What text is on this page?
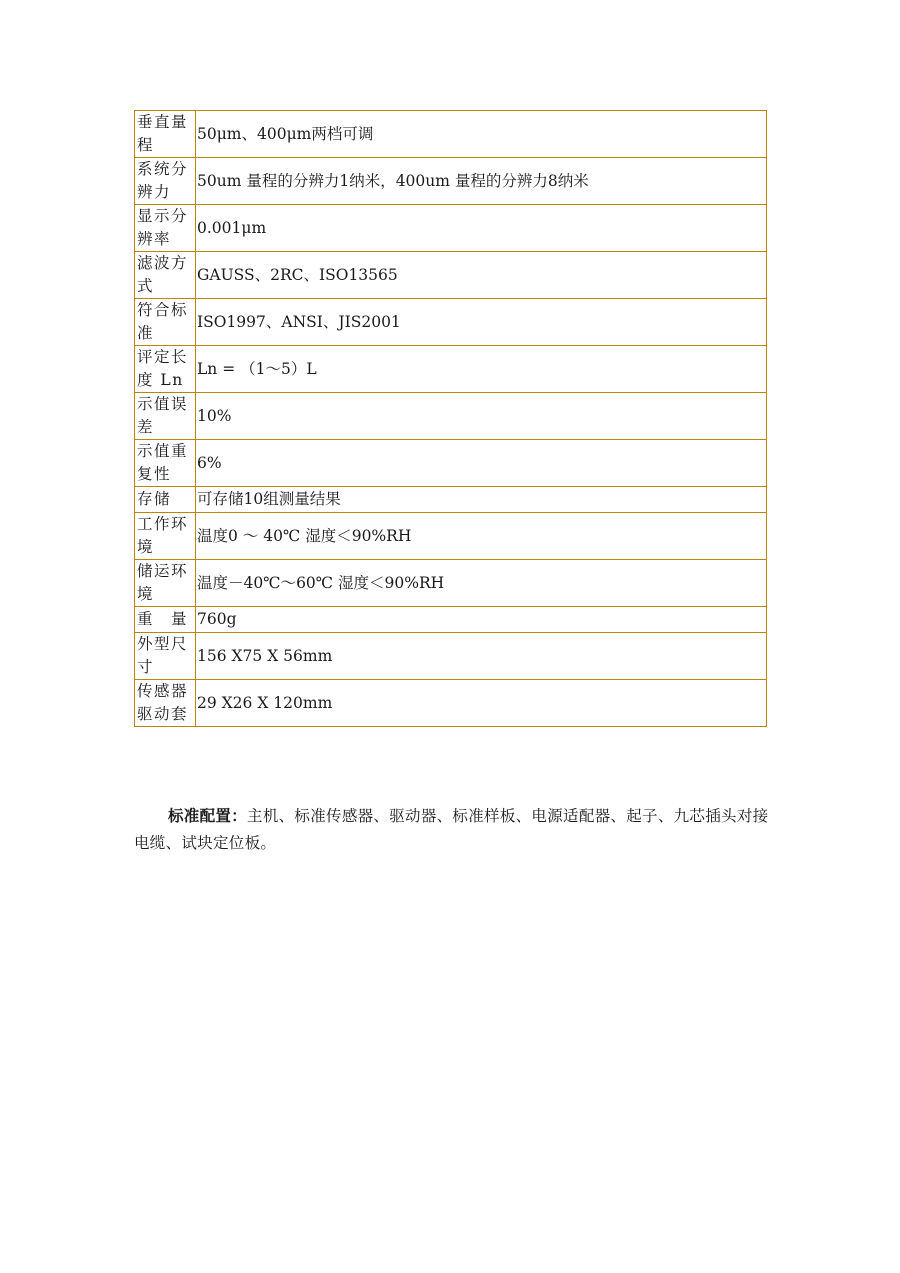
垂直量程	50μm、400μm两档可调
系统分辨力	50um 量程的分辨力1纳米，400um 量程的分辨力8纳米
显示分辨率	0.001μm
滤波方式	GAUSS、2RC、ISO13565
符合标准	ISO1997、ANSI、JIS2001
评定长度 Ln	Ln = （1～5）L
示值误差	10%
示值重复性	6%
存储	可存储10组测量结果
工作环境	温度0 ～ 40℃ 湿度＜90%RH
储运环境	温度－40℃～60℃ 湿度＜90%RH
重　量	760g
外型尺寸	156 X75 X 56mm
传感器驱动套	29 X26 X 120mm

标准配置：主机、标准传感器、驱动器、标准样板、电源适配器、起子、九芯插头对接电缆、试块定位板。
